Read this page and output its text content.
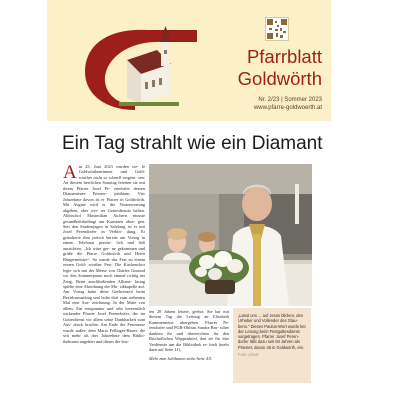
Pfarrblatt
Goldwörth
Nr. 2/23 | Sommer 2023
www.pfarre-goldwoerth.at
Ein Tag strahlt wie ein Diamant
Am 25. Juni 2023 wurden vie- le Goldwörthnerinnen und Gold- wörther nicht so schnell vergess- sen: An diesem herrlichen Sonntag feierten sie mit ihrem Pfarrer Josef Pe- rendorfer dessen Diamantenes Priester- jubiläum. Vier Jahrzehnte davon ist er Pfarrer in Goldwörth. Mit August wird er die Verantwortung abgeben, aber wei- ter Gottesdienste halten. Altbischof Maximilian Aichern musste gesundheitsbedingt am Kommen absa- gen. Seit den Studienjagen in Salzburg ist er mit Josef Perendorfer in Verbin- dung. Er gratulierte ihm jedoch bereits am Vortag in einem Telefonat persön- lich und ließ ausrichten: „Ich wäre ger- ne gekommen und grüße die Pfarre Goldwörth und Herrn Bürgermeister“. So wurde das Fest zu einem reinen Gold- wörther Fest: Die Kirchenchor legte sich mit der Messe von Charles Gounod vor den Sommerpause noch einmal richtig ins Zeug. Beim anschließenden Allianz- kirtag spielte eine Abordnung der Mu- sikkapelle auf. Am Vortag hatte diese Geehrenzeit beim Bezirksmusiktag und holte dort zum siebenten Mal eine Aus- zeichnung. In der Mitte von allem: Ein entspannter und sehr herzenslich wirkender Pfarrer Josef Perendorfer, der im Gottesdienst vor allem seine Dankbarkeit zum Aus- druck brachte. Am Ende der Festmesse wurde außer- dem Maria Fellinger-Hauer, die seit mehr als drei Jahrzehnte dem Biblio- thekteam angehört und dieses die letz-
ten 28 Jahren leitete, geehrt. Sie hat mit diesem Tag die Leitung an Elisabeth Kammermeier übergeben. Pfarrer Pe- rendorfer und PGR-Obfrau Sandra Bru- scher dankten ihr und überreichten ihr den Bischöflichen Wappenbrief, den sie für ihre Verdienste um die Bibliothek er- hielt (mehr dazu auf Seite 11).
Mehr zum Jubilanten siehe Seite 4/5.
„Lasst uns ... auf Jesus blicken, den Urheber und Vollender des Glau- bens." Dieses Paulus-Wort wurde bei der Lesung beim Festgottesdienst vorgetragen. Pfarrer Josef Peren- dorfer läßt dazu seit 60 Jahren als Priester, davon 40 in Goldwörth, ein.
Foto: privat
